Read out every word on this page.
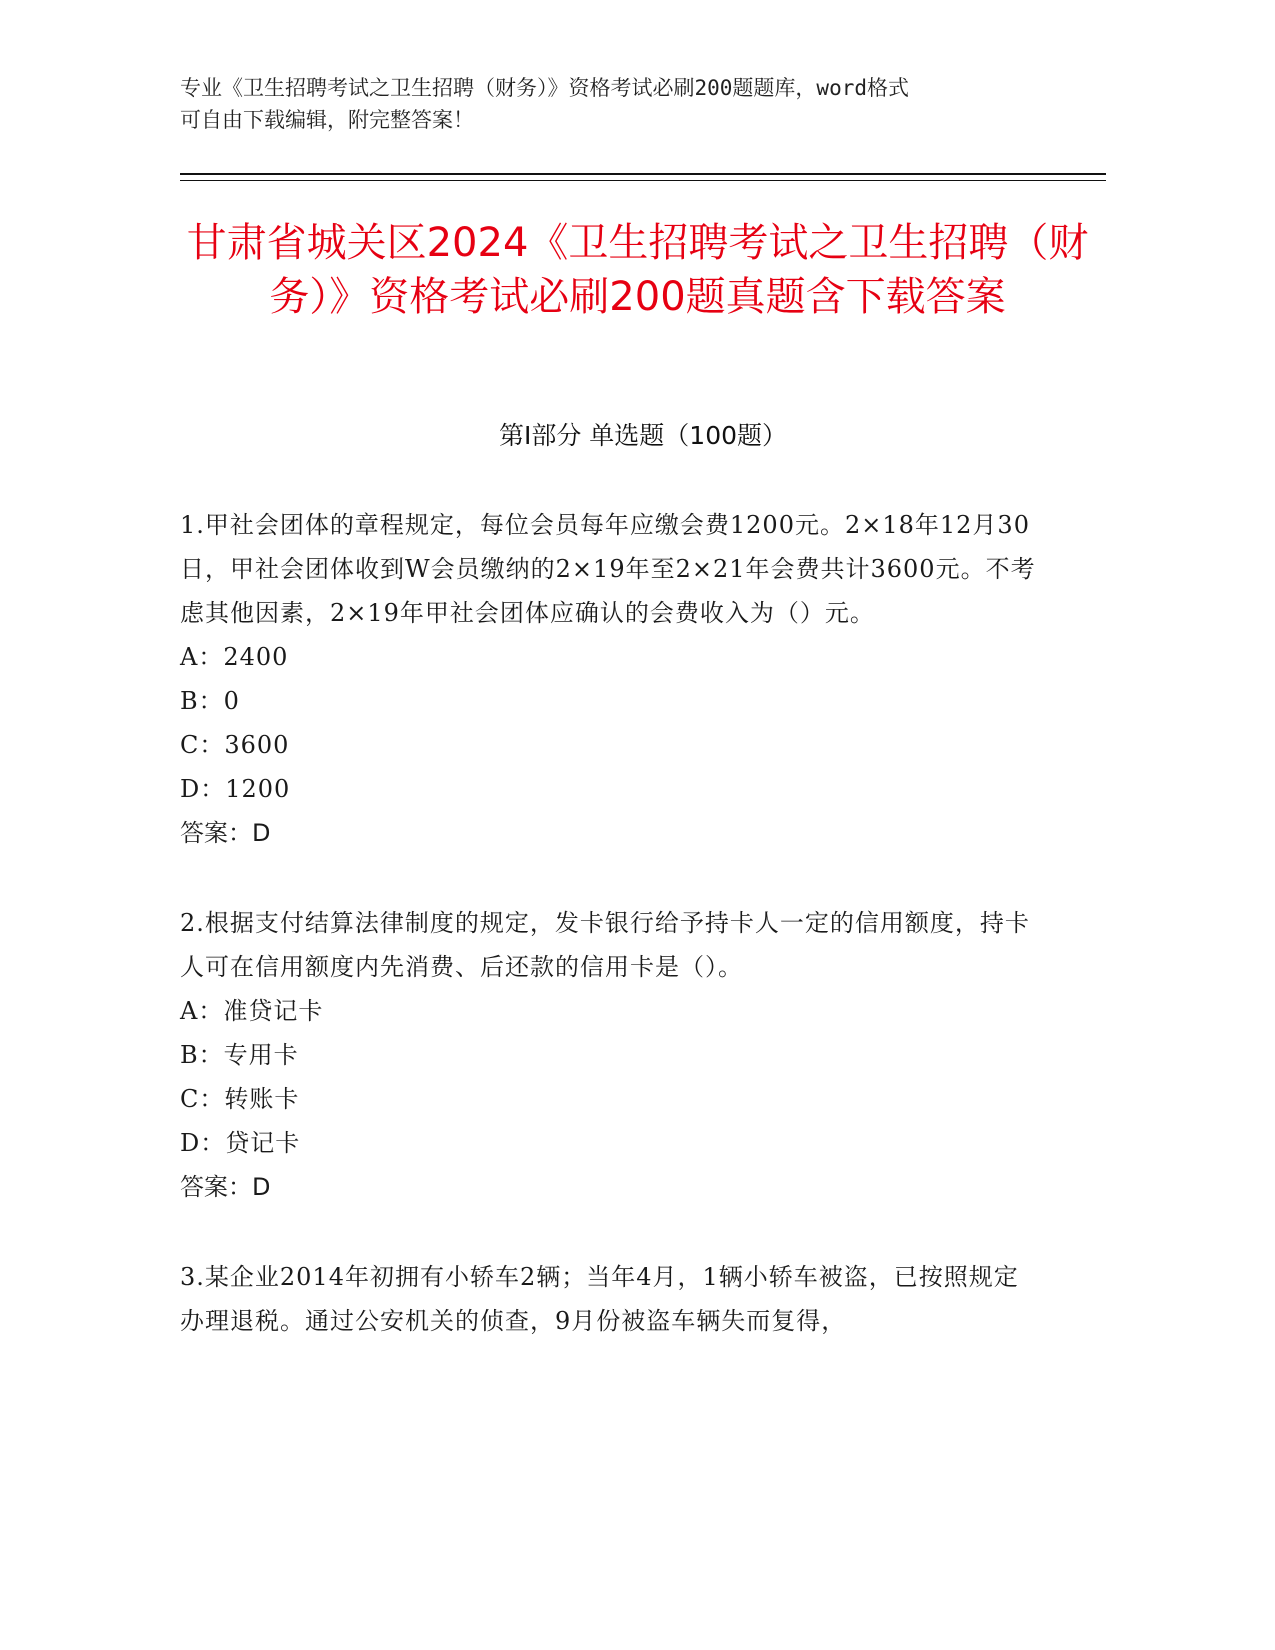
专业《卫生招聘考试之卫生招聘（财务）》资格考试必刷200题题库，word格式
可自由下载编辑，附完整答案！
甘肃省城关区2024《卫生招聘考试之卫生招聘（财务）》资格考试必刷200题真题含下载答案
第Ⅰ部分 单选题（100题）

1.甲社会团体的章程规定，每位会员每年应缴会费1200元。2×18年12月30日，甲社会团体收到W会员缴纳的2×19年至2×21年会费共计3600元。不考虑其他因素，2×19年甲社会团体应确认的会费收入为（）元。

A：2400

B：0

C：3600

D：1200

答案：D

2.根据支付结算法律制度的规定，发卡银行给予持卡人一定的信用额度，持卡人可在信用额度内先消费、后还款的信用卡是（）。

A：准贷记卡

B：专用卡

C：转账卡

D：贷记卡

答案：D

3.某企业2014年初拥有小轿车2辆；当年4月，1辆小轿车被盗，已按照规定办理退税。通过公安机关的侦查，9月份被盗车辆失而复得，
